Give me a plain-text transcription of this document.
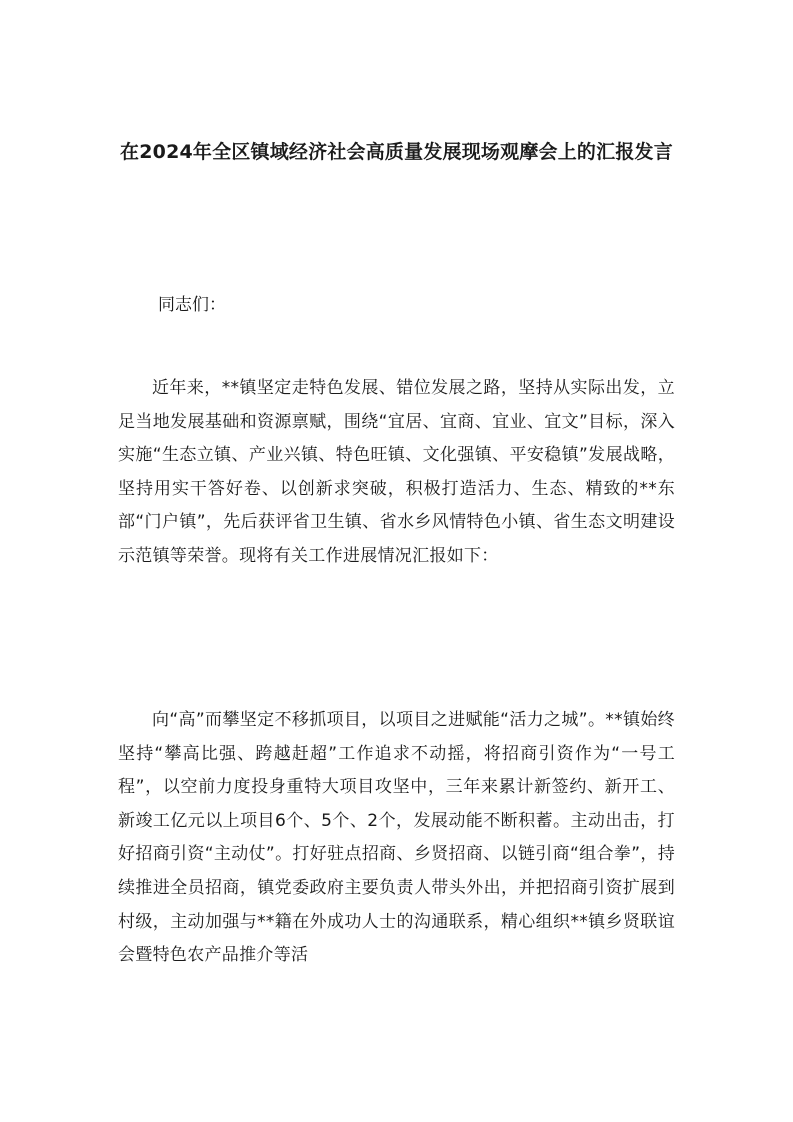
在2024年全区镇域经济社会高质量发展现场观摩会上的汇报发言

同志们：

近年来，**镇坚定走特色发展、错位发展之路，坚持从实际出发，立足当地发展基础和资源禀赋，围绕“宜居、宜商、宜业、宜文”目标，深入实施“生态立镇、产业兴镇、特色旺镇、文化强镇、平安稳镇”发展战略，坚持用实干答好卷、以创新求突破，积极打造活力、生态、精致的**东部“门户镇”，先后获评省卫生镇、省水乡风情特色小镇、省生态文明建设示范镇等荣誉。现将有关工作进展情况汇报如下：

向“高”而攀坚定不移抓项目，以项目之进赋能“活力之城”。**镇始终坚持“攀高比强、跨越赶超”工作追求不动摇，将招商引资作为“一号工程”，以空前力度投身重特大项目攻坚中，三年来累计新签约、新开工、新竣工亿元以上项目6个、5个、2个，发展动能不断积蓄。主动出击，打好招商引资“主动仗”。打好驻点招商、乡贤招商、以链引商“组合拳”，持续推进全员招商，镇党委政府主要负责人带头外出，并把招商引资扩展到村级，主动加强与**籍在外成功人士的沟通联系，精心组织**镇乡贤联谊会暨特色农产品推介等活
